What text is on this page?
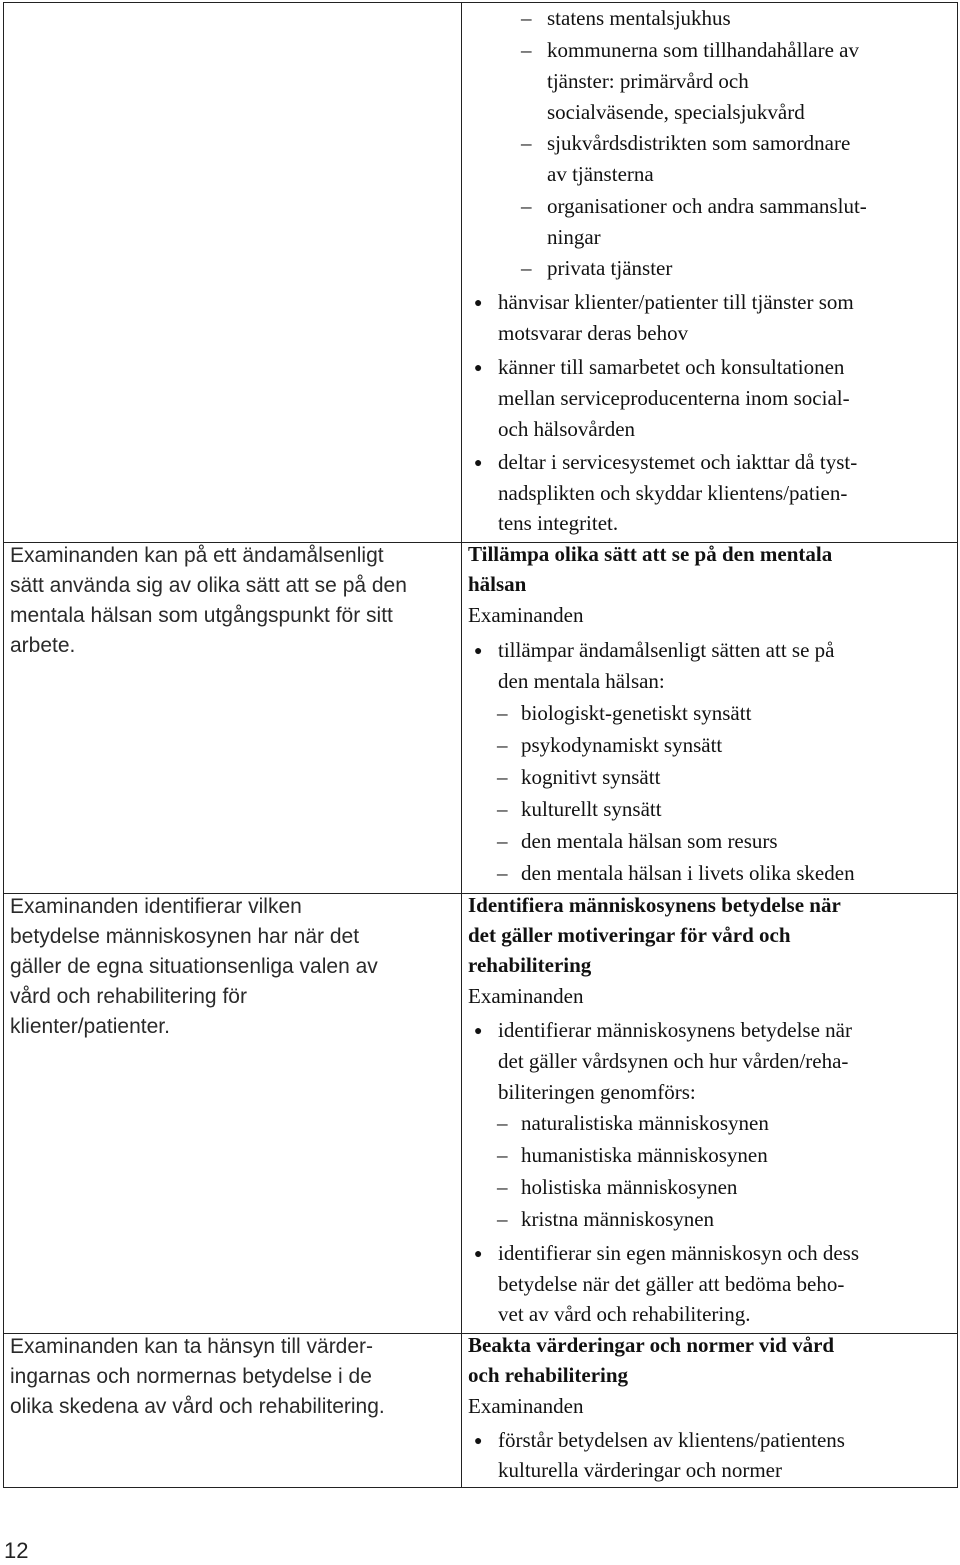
Examinanden kan på ett ändamålsenligt
sätt använda sig av olika sätt att se på den
mentala hälsan som utgångspunkt för sitt
arbete.
Examinanden identifierar vilken
betydelse människosynen har när det
gäller de egna situationsenliga valen av
vård och rehabilitering för
klienter/patienter.
Examinanden kan ta hänsyn till värder-
ingarnas och normernas betydelse i de
olika skedena av vård och rehabilitering.
– statens mentalsjukhus
– kommunerna som tillhandahållare av
tjänster: primärvård och
socialväsende, specialsjukvård
– sjukvårdsdistrikten som samordnare
av tjänsterna
– organisationer och andra sammanslut-
ningar
– privata tjänster
● hänvisar klienter/patienter till tjänster som
motsvarar deras behov
● känner till samarbetet och konsultationen
mellan serviceproducenterna inom social-
och hälsovården
● deltar i servicesystemet och iakttar då tyst-
nadsplikten och skyddar klientens/patien-
tens integritet.
Tillämpa olika sätt att se på den mentala
hälsan
Examinanden
● tillämpar ändamålsenligt sätten att se på
den mentala hälsan:
– biologiskt-genetiskt synsätt
– psykodynamiskt synsätt
– kognitivt synsätt
– kulturellt synsätt
– den mentala hälsan som resurs
– den mentala hälsan i livets olika skeden
Identifiera människosynens betydelse när
det gäller motiveringar för vård och
rehabilitering
Examinanden
● identifierar människosynens betydelse när
det gäller vårdsynen och hur vården/reha-
biliteringen genomförs:
– naturalistiska människosynen
– humanistiska människosynen
– holistiska människosynen
– kristna människosynen
● identifierar sin egen människosyn och dess
betydelse när det gäller att bedöma beho-
vet av vård och rehabilitering.
Beakta värderingar och normer vid vård
och rehabilitering
Examinanden
● förstår betydelsen av klientens/patientens
kulturella värderingar och normer
12
